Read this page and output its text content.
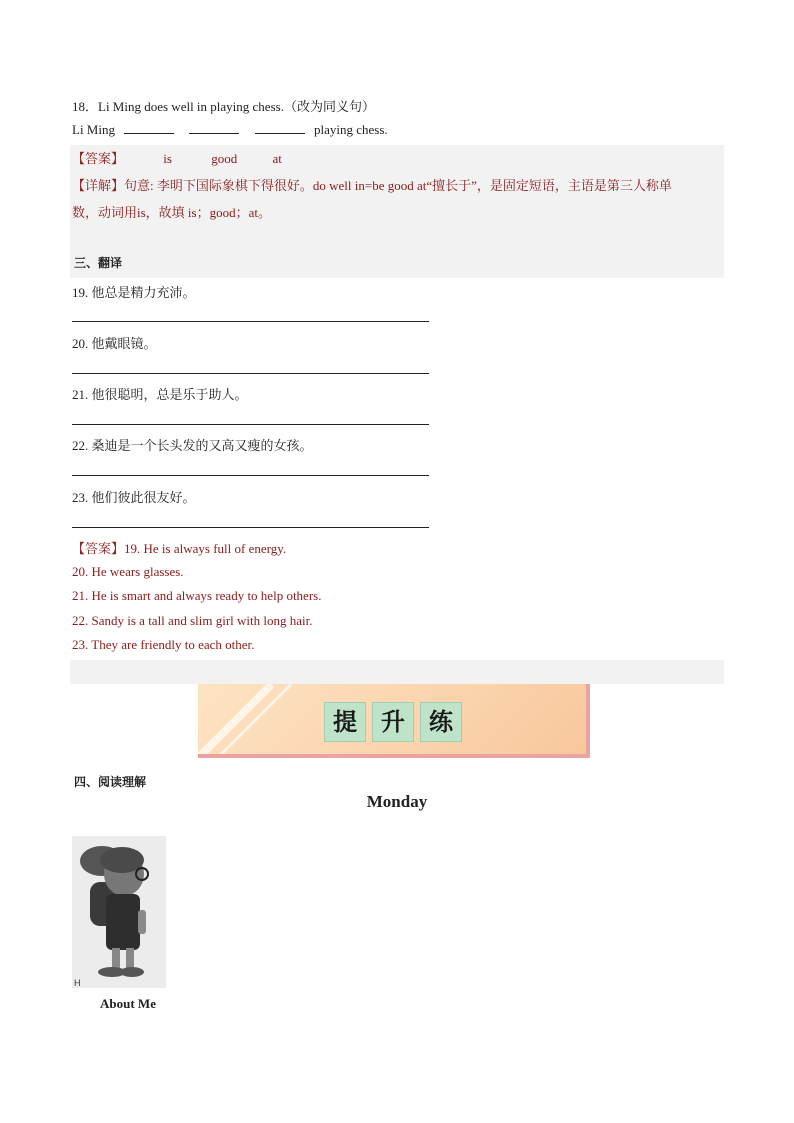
18．Li Ming does well in playing chess.（改为同义句）
Li Ming	playing chess.
【答案】	is	good	at
【详解】句意: 李明下国际象棋下得很好。do well in=be good at“擅长于”，是固定短语，主语是第三人称单
数，动词用is，故填 is；good；at。
三、翻译
19. 他总是精力充沛。
20. 他戴眼镜。
21. 他很聪明，总是乐于助人。
22. 桑迪是一个长头发的又高又瘦的女孩。
23. 他们彼此很友好。
【答案】19. He is always full of energy.
20. He wears glasses.
21. He is smart and always ready to help others.
22. Sandy is a tall and slim girl with long hair.
23. They are friendly to each other.
提	升	练
四、阅读理解
Monday
H
About Me
